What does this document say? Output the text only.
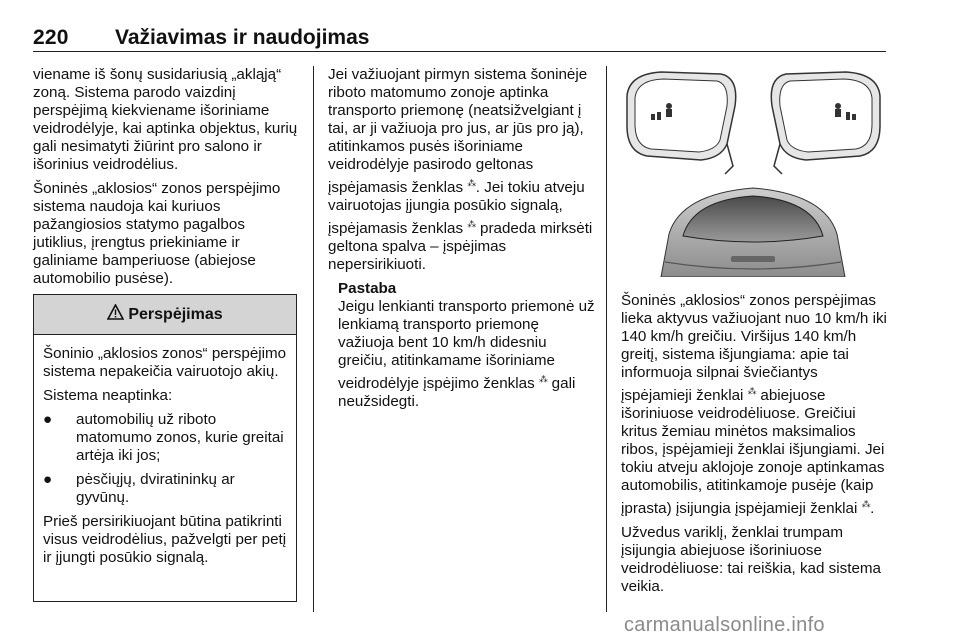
220 Važiavimas ir naudojimas

viename iš šonų susidariusią „akląją“ zoną. Sistema parodo vaizdinį perspėjimą kiekviename išoriniame veidrodėlyje, kai aptinka objektus, kurių gali nesimatyti žiūrint pro salono ir išorinius veidrodėlius.

Šoninės „aklosios“ zonos perspėjimo sistema naudoja kai kuriuos pažangiosios statymo pagalbos jutiklius, įrengtus priekiniame ir galiniame bamperiuose (abiejose automobilio pusėse).

Perspėjimas

Šoninio „aklosios zonos“ perspėjimo sistema nepakeičia vairuotojo akių.

Sistema neaptinka:

● automobilių už riboto matomumo zonos, kurie greitai artėja iki jos;
● pėsčiųjų, dviratininkų ar gyvūnų.

Prieš persirikiuojant būtina patikrinti visus veidrodėlius, pažvelgti per petį ir įjungti posūkio signalą.

Jei važiuojant pirmyn sistema šoninėje riboto matomumo zonoje aptinka transporto priemonę (neatsižvelgiant į tai, ar ji važiuoja pro jus, ar jūs pro ją), atitinkamos pusės išoriniame veidrodėlyje pasirodo geltonas įspėjamasis ženklas ⁂. Jei tokiu atveju vairuotojas įjungia posūkio signalą, įspėjamasis ženklas ⁂ pradeda mirksėti geltona spalva – įspėjimas nepersirikiuoti.

Pastaba
Jeigu lenkianti transporto priemonė už lenkiamą transporto priemonę važiuoja bent 10 km/h didesniu greičiu, atitinkamame išoriniame veidrodėlyje įspėjimo ženklas ⁂ gali neužsidegti.

Šoninės „aklosios“ zonos perspėjimas lieka aktyvus važiuojant nuo 10 km/h iki 140 km/h greičiu. Viršijus 140 km/h greitį, sistema išjungiama: apie tai informuoja silpnai šviečiantys įspėjamieji ženklai ⁂ abiejuose išoriniuose veidrodėliuose. Greičiui kritus žemiau minėtos maksimalios ribos, įspėjamieji ženklai išjungiami. Jei tokiu atveju aklojoje zonoje aptinkamas automobilis, atitinkamoje pusėje (kaip įprasta) įsijungia įspėjamieji ženklai ⁂.

Užvedus variklį, ženklai trumpam įsijungia abiejuose išoriniuose veidrodėliuose: tai reiškia, kad sistema veikia.

carmanualsonline.info
